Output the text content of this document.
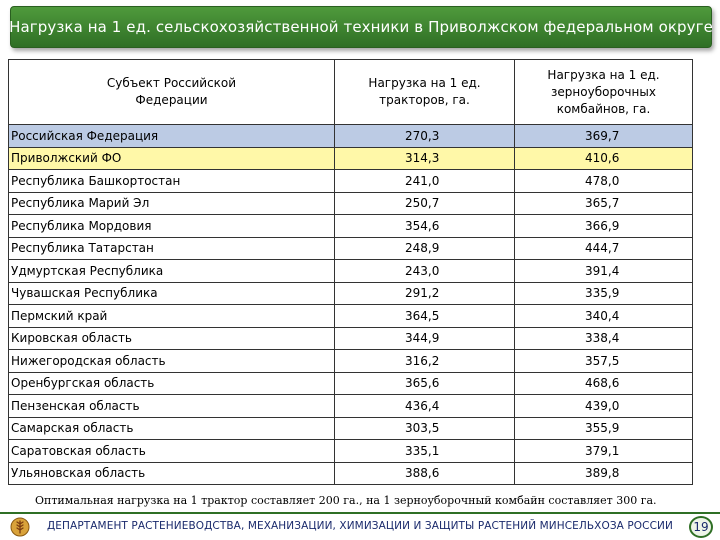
Нагрузка на 1 ед. сельскохозяйственной техники в Приволжском федеральном округе
Субъект Российской Федерации	Нагрузка на 1 ед. тракторов, га.	Нагрузка на 1 ед. зерноуборочных комбайнов, га.
Российская Федерация	270,3	369,7
Приволжский ФО	314,3	410,6
Республика Башкортостан	241,0	478,0
Республика Марий Эл	250,7	365,7
Республика Мордовия	354,6	366,9
Республика Татарстан	248,9	444,7
Удмуртская Республика	243,0	391,4
Чувашская Республика	291,2	335,9
Пермский край	364,5	340,4
Кировская область	344,9	338,4
Нижегородская область	316,2	357,5
Оренбургская область	365,6	468,6
Пензенская область	436,4	439,0
Самарская область	303,5	355,9
Саратовская область	335,1	379,1
Ульяновская область	388,6	389,8
Оптимальная нагрузка на 1 трактор составляет 200 га., на 1 зерноуборочный комбайн составляет 300 га.
ДЕПАРТАМЕНТ РАСТЕНИЕВОДСТВА, МЕХАНИЗАЦИИ, ХИМИЗАЦИИ И ЗАЩИТЫ РАСТЕНИЙ МИНСЕЛЬХОЗА РОССИИ 19
